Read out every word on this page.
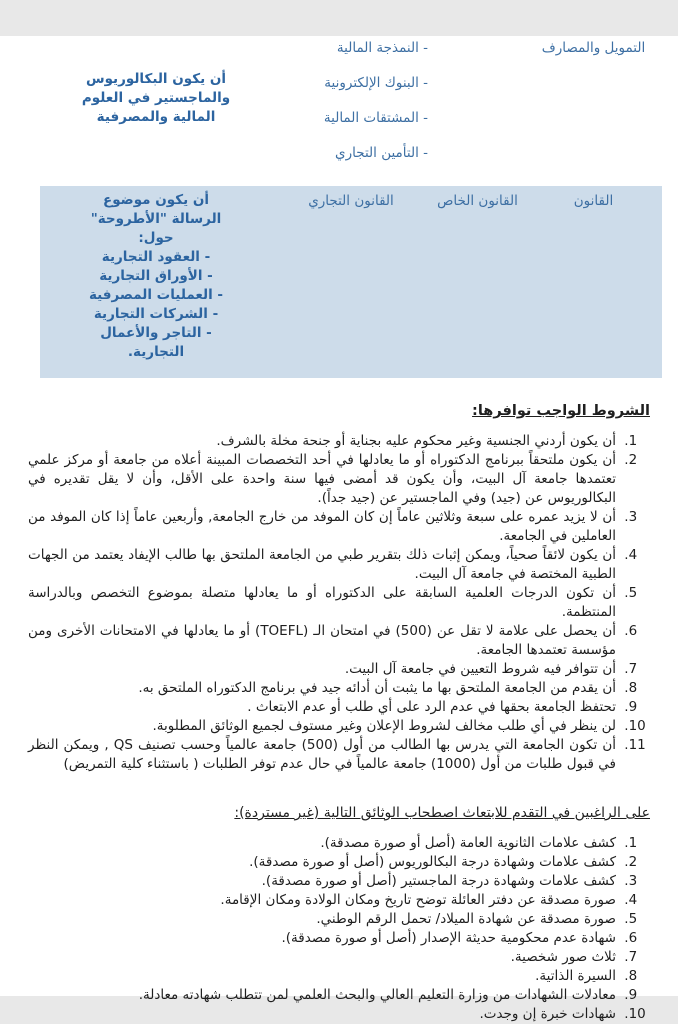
التمويل والمصارف
- النمذجة المالية
- البنوك الإلكترونية
- المشتقات المالية
- التأمين التجاري
أن يكون البكالوريوس والماجستير في العلوم المالية والمصرفية
القانون
القانون الخاص
القانون التجاري
أن يكون موضوع الرسالة "الأطروحة" حول:
- العقود التجارية
- الأوراق التجارية
- العمليات المصرفية
- الشركات التجارية
- التاجر والأعمال التجارية.
الشروط الواجب توافرها:
1. أن يكون أردني الجنسية وغير محكوم عليه بجناية أو جنحة مخلة بالشرف.
2. أن يكون ملتحقاً ببرنامج الدكتوراه أو ما يعادلها في أحد التخصصات المبينة أعلاه من جامعة أو مركز علمي تعتمدها جامعة آل البيت، وأن يكون قد أمضى فيها سنة واحدة على الأقل، وأن لا يقل تقديره في البكالوريوس عن (جيد) وفي الماجستير عن (جيد جداً).
3. أن لا يزيد عمره على سبعة وثلاثين عاماً إن كان الموفد من خارج الجامعة, وأربعين عاماً إذا كان الموفد من العاملين في الجامعة.
4. أن يكون لائقاً صحياً، ويمكن إثبات ذلك بتقرير طبي من الجامعة الملتحق بها طالب الإيفاد يعتمد من الجهات الطبية المختصة في جامعة آل البيت.
5. أن تكون الدرجات العلمية السابقة على الدكتوراه أو ما يعادلها متصلة بموضوع التخصص وبالدراسة المنتظمة.
6. أن يحصل على علامة لا تقل عن (500) في امتحان الـ (TOEFL) أو ما يعادلها في الامتحانات الأخرى ومن مؤسسة تعتمدها الجامعة.
7. أن تتوافر فيه شروط التعيين في جامعة آل البيت.
8. أن يقدم من الجامعة الملتحق بها ما يثبت أن أدائه جيد في برنامج الدكتوراه الملتحق به.
9. تحتفظ الجامعة بحقها في عدم الرد على أي طلب أو عدم الابتعاث .
10. لن ينظر في أي طلب مخالف لشروط الإعلان وغير مستوف لجميع الوثائق المطلوبة.
11. أن تكون الجامعة التي يدرس بها الطالب من أول (500) جامعة عالمياً وحسب تصنيف QS , ويمكن النظر في قبول طلبات من أول (1000) جامعة عالمياً في حال عدم توفر الطلبات ( باستثناء كلية التمريض)
على الراغبين في التقدم للابتعاث اصطحاب الوثائق التالية (غير مستردة):
1. كشف علامات الثانوية العامة (أصل أو صورة مصدقة).
2. كشف علامات وشهادة درجة البكالوريوس (أصل أو صورة مصدقة).
3. كشف علامات وشهادة درجة الماجستير (أصل أو صورة مصدقة).
4. صورة مصدقة عن دفتر العائلة توضح تاريخ ومكان الولادة ومكان الإقامة.
5. صورة مصدقة عن شهادة الميلاد/ تحمل الرقم الوطني.
6. شهادة عدم محكومية حديثة الإصدار (أصل أو صورة مصدقة).
7. ثلاث صور شخصية.
8. السيرة الذاتية.
9. معادلات الشهادات من وزارة التعليم العالي والبحث العلمي لمن تتطلب شهادته معادلة.
10. شهادات خبرة إن وجدت.
